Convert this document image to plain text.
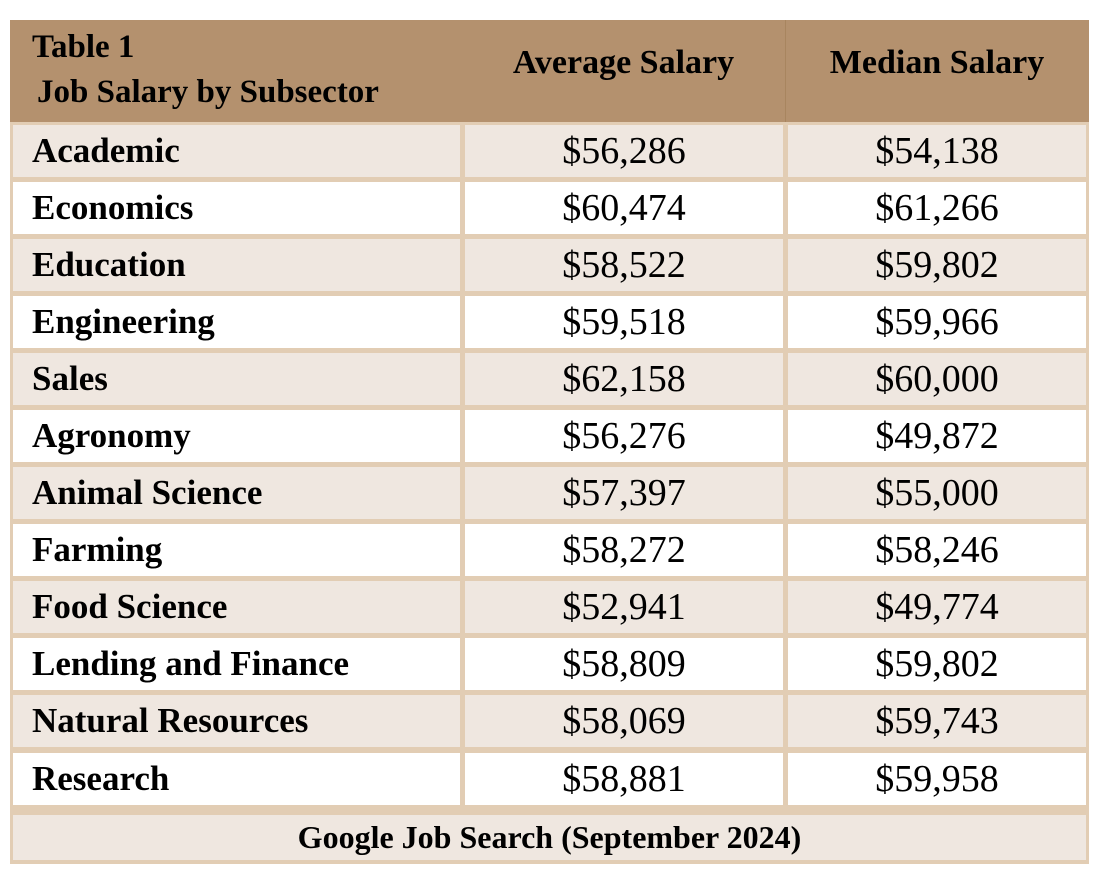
Table 1
Job Salary by Subsector
Average Salary	Median Salary
Academic	$56,286	$54,138
Economics	$60,474	$61,266
Education	$58,522	$59,802
Engineering	$59,518	$59,966
Sales	$62,158	$60,000
Agronomy	$56,276	$49,872
Animal Science	$57,397	$55,000
Farming	$58,272	$58,246
Food Science	$52,941	$49,774
Lending and Finance	$58,809	$59,802
Natural Resources	$58,069	$59,743
Research	$58,881	$59,958
Google Job Search (September 2024)
